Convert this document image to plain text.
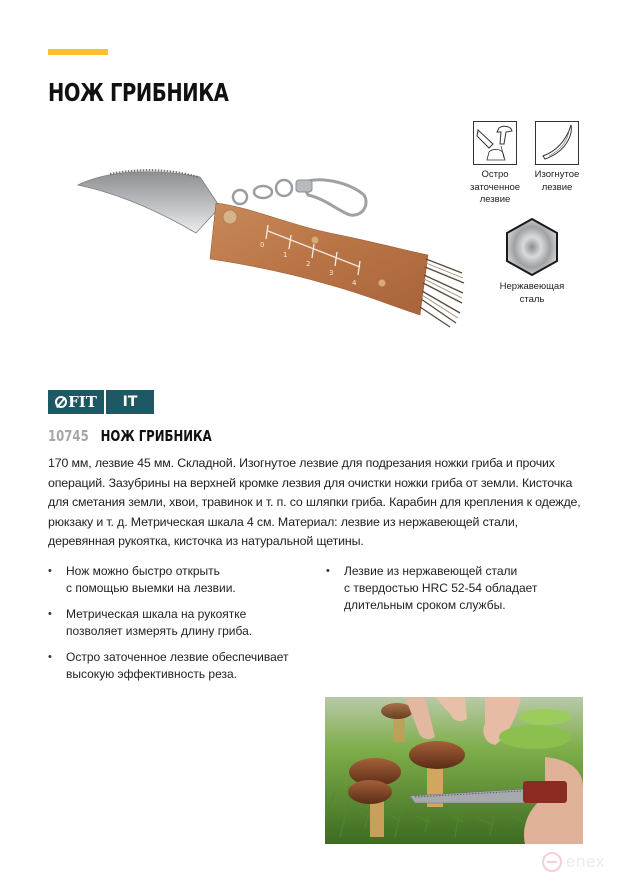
НОЖ ГРИБНИКА
0
1
2
3
4
Остро
заточенное
лезвие
Изогнутое
лезвие
Нержавеющая
сталь
FIT	IT
10745 НОЖ ГРИБНИКА
170 мм, лезвие 45 мм. Складной. Изогнутое лезвие для подрезания ножки гриба и прочих операций. Зазубрины на верхней кромке лезвия для очистки ножки гриба от земли. Кисточка для сметания земли, хвои, травинок и т. п. со шляпки гриба. Карабин для крепления к одежде, рюкзаку и т. д. Метрическая шкала 4 см. Материал: лезвие из нержавеющей стали, деревянная рукоятка, кисточка из натуральной щетины.
• Нож можно быстро открыть
с помощью выемки на лезвии.
• Метрическая шкала на рукоятке
позволяет измерять длину гриба.
• Остро заточенное лезвие обеспечивает
высокую эффективность реза.
• Лезвие из нержавеющей стали
с твердостью HRC 52-54 обладает
длительным сроком службы.
enex
